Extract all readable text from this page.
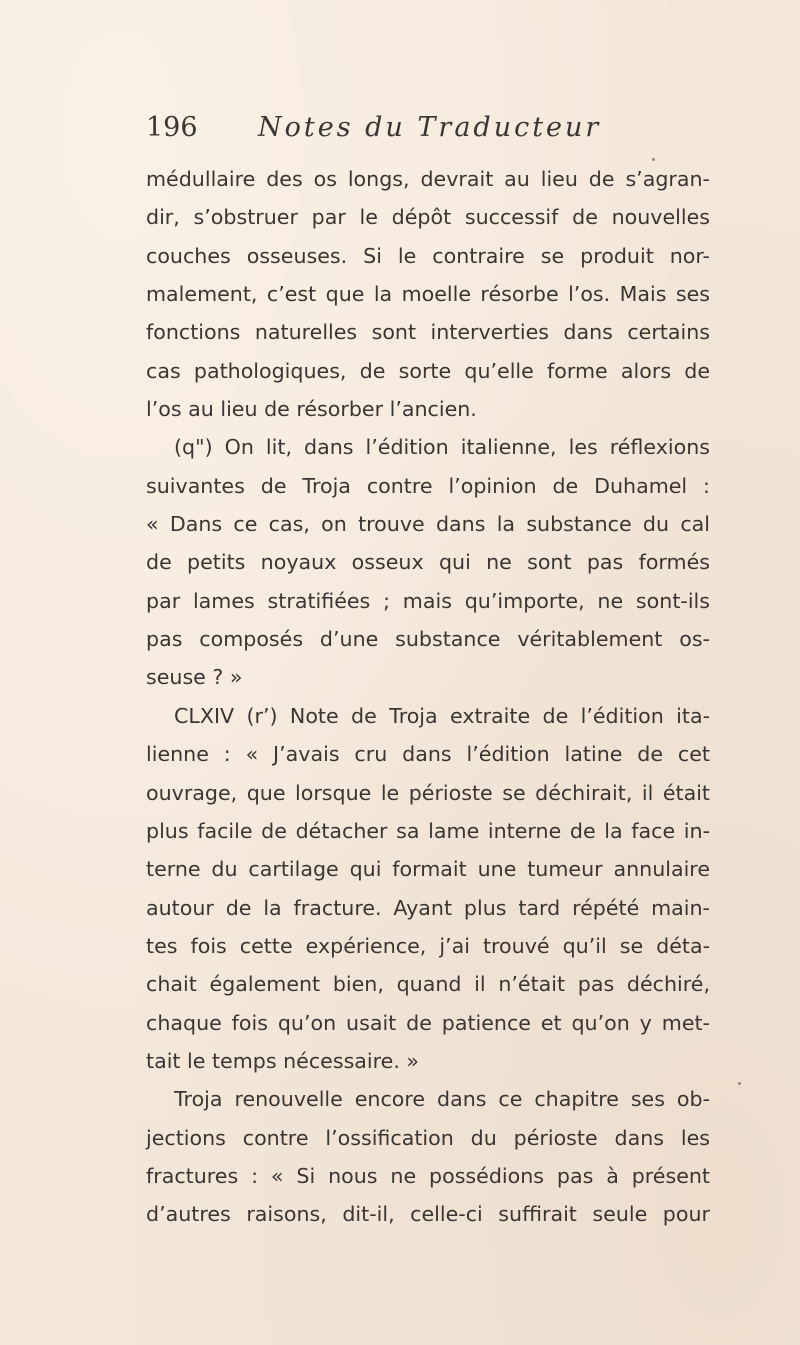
196 Notes du Traducteur
médullaire des os longs, devrait au lieu de s’agran-
dir, s’obstruer par le dépôt successif de nouvelles
couches osseuses. Si le contraire se produit nor-
malement, c’est que la moelle résorbe l’os. Mais ses
fonctions naturelles sont interverties dans certains
cas pathologiques, de sorte qu’elle forme alors de
l’os au lieu de résorber l’ancien.
(q") On lit, dans l’édition italienne, les réflexions
suivantes de Troja contre l’opinion de Duhamel :
« Dans ce cas, on trouve dans la substance du cal
de petits noyaux osseux qui ne sont pas formés
par lames stratifiées ; mais qu’importe, ne sont-ils
pas composés d’une substance véritablement os-
seuse ? »
CLXIV (r’) Note de Troja extraite de l’édition ita-
lienne : « J’avais cru dans l’édition latine de cet
ouvrage, que lorsque le périoste se déchirait, il était
plus facile de détacher sa lame interne de la face in-
terne du cartilage qui formait une tumeur annulaire
autour de la fracture. Ayant plus tard répété main-
tes fois cette expérience, j’ai trouvé qu’il se déta-
chait également bien, quand il n’était pas déchiré,
chaque fois qu’on usait de patience et qu’on y met-
tait le temps nécessaire. »
Troja renouvelle encore dans ce chapitre ses ob-
jections contre l’ossification du périoste dans les
fractures : « Si nous ne possédions pas à présent
d’autres raisons, dit-il, celle-ci suffirait seule pour
